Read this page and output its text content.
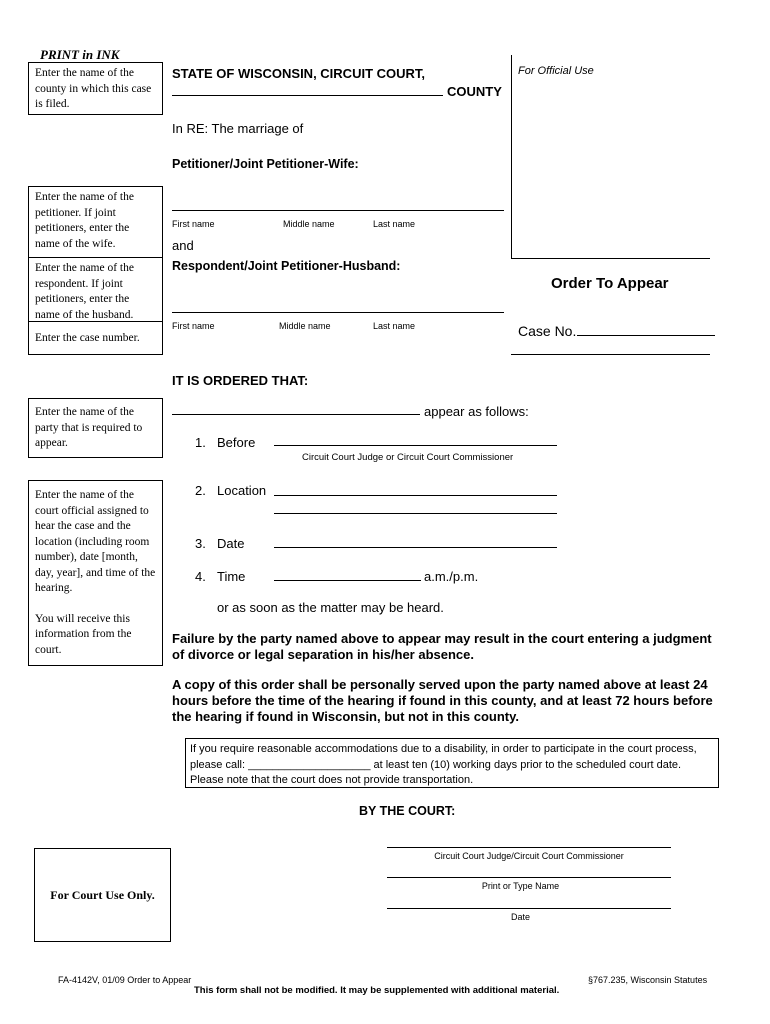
PRINT in INK
Enter the name of the county in which this case is filed.
Enter the name of the petitioner. If joint petitioners, enter the name of the wife.
Enter the name of the respondent. If joint petitioners, enter the name of the husband.
Enter the case number.
Enter the name of the party that is required to appear.
Enter the name of the court official assigned to hear the case and the location (including room number), date [month, day, year], and time of the hearing.
You will receive this information from the court.
STATE OF WISCONSIN, CIRCUIT COURT,
COUNTY
For Official Use
In RE: The marriage of
Petitioner/Joint Petitioner-Wife:
First name	Middle name	Last name
and
Respondent/Joint Petitioner-Husband:
First name	Middle name	Last name
Order To Appear
Case No.
IT IS ORDERED THAT:
appear as follows:
1. Before
Circuit Court Judge or Circuit Court Commissioner
2. Location
3. Date
4. Time	a.m./p.m.
or as soon as the matter may be heard.
Failure by the party named above to appear may result in the court entering a judgment of divorce or legal separation in his/her absence.
A copy of this order shall be personally served upon the party named above at least 24 hours before the time of the hearing if found in this county, and at least 72 hours before the hearing if found in Wisconsin, but not in this county.
If you require reasonable accommodations due to a disability, in order to participate in the court process,
please call: ____________________ at least ten (10) working days prior to the scheduled court date.
Please note that the court does not provide transportation.
BY THE COURT:
Circuit Court Judge/Circuit Court Commissioner
Print or Type Name
Date
For Court Use Only.
FA-4142V, 01/09 Order to Appear	§767.235, Wisconsin Statutes
This form shall not be modified. It may be supplemented with additional material.
